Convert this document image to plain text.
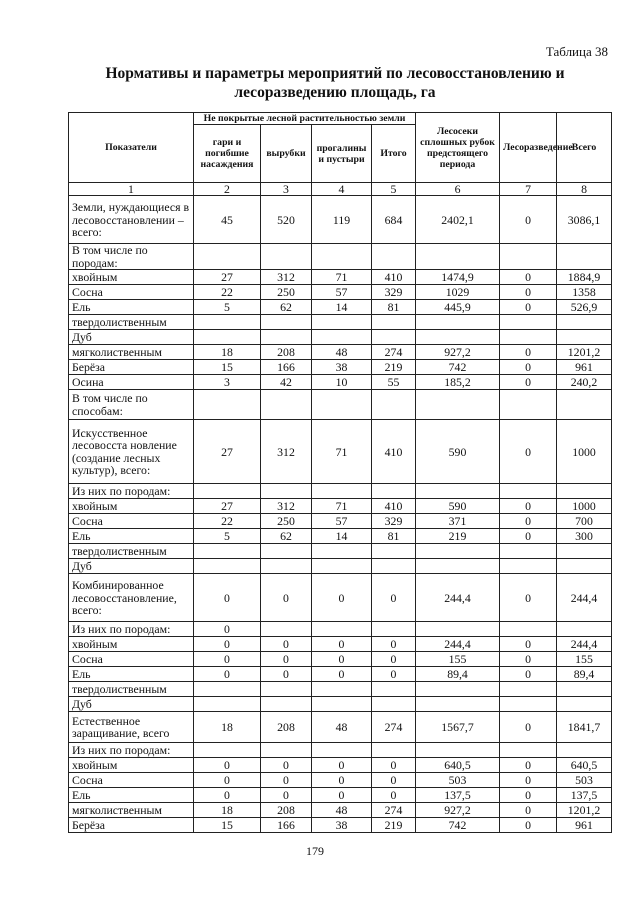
Таблица 38
Нормативы и параметры мероприятий по лесовосстановлению и лесоразведению площадь, га
Показатели	Не покрытые лесной растительностью земли				Лесосеки сплошных рубок предстоящего периода	Лесоразведение	Всего
	гари и погибшие насаждения	вырубки	прогалины и пустыри	Итого			
1	2	3	4	5	6	7	8
Земли, нуждающиеся в лесовосстановлении – всего:	45	520	119	684	2402,1	0	3086,1
В том числе по породам:							
хвойным	27	312	71	410	1474,9	0	1884,9
Сосна	22	250	57	329	1029	0	1358
Ель	5	62	14	81	445,9	0	526,9
твердолиственным							
Дуб							
мягколиственным	18	208	48	274	927,2	0	1201,2
Берёза	15	166	38	219	742	0	961
Осина	3	42	10	55	185,2	0	240,2
В том числе по способам:							
Искусственное лесовосста новление (создание лесных культур), всего:	27	312	71	410	590	0	1000
Из них по породам:							
хвойным	27	312	71	410	590	0	1000
Сосна	22	250	57	329	371	0	700
Ель	5	62	14	81	219	0	300
твердолиственным							
Дуб							
Комбинированное лесовосстановление, всего:	0	0	0	0	244,4	0	244,4
Из них по породам:	0						
хвойным	0	0	0	0	244,4	0	244,4
Сосна	0	0	0	0	155	0	155
Ель	0	0	0	0	89,4	0	89,4
твердолиственным							
Дуб							
Естественное заращивание, всего	18	208	48	274	1567,7	0	1841,7
Из них по породам:							
хвойным	0	0	0	0	640,5	0	640,5
Сосна	0	0	0	0	503	0	503
Ель	0	0	0	0	137,5	0	137,5
мягколиственным	18	208	48	274	927,2	0	1201,2
Берёза	15	166	38	219	742	0	961
179
